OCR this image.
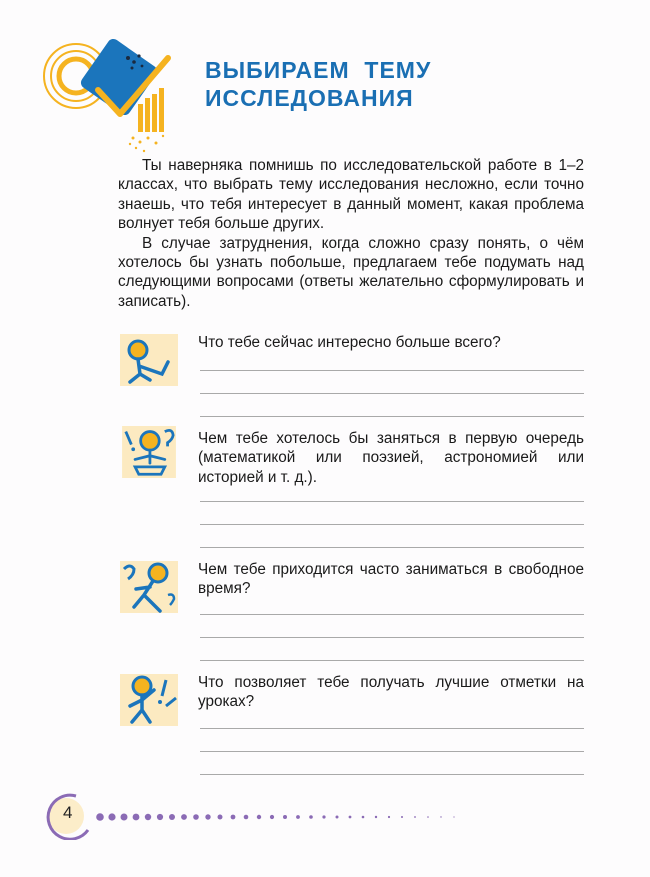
ВЫБИРАЕМ  ТЕМУ
ИССЛЕДОВАНИЯ

Ты наверняка помнишь по исследовательской работе в 1–2 классах, что выбрать тему исследования несложно, если точно знаешь, что тебя интересует в данный момент, какая проблема волнует тебя больше других.

В случае затруднения, когда сложно сразу понять, о чём хотелось бы узнать побольше, предлагаем тебе подумать над следующими вопросами (ответы желательно сформулировать и записать).

Что тебе сейчас интересно больше всего?
Чем тебе хотелось бы заняться в первую очередь (математикой или поэзией, астрономией или историей и т. д.).
Чем тебе приходится часто заниматься в свободное время?
Что позволяет тебе получать лучшие отметки на уроках?
4
